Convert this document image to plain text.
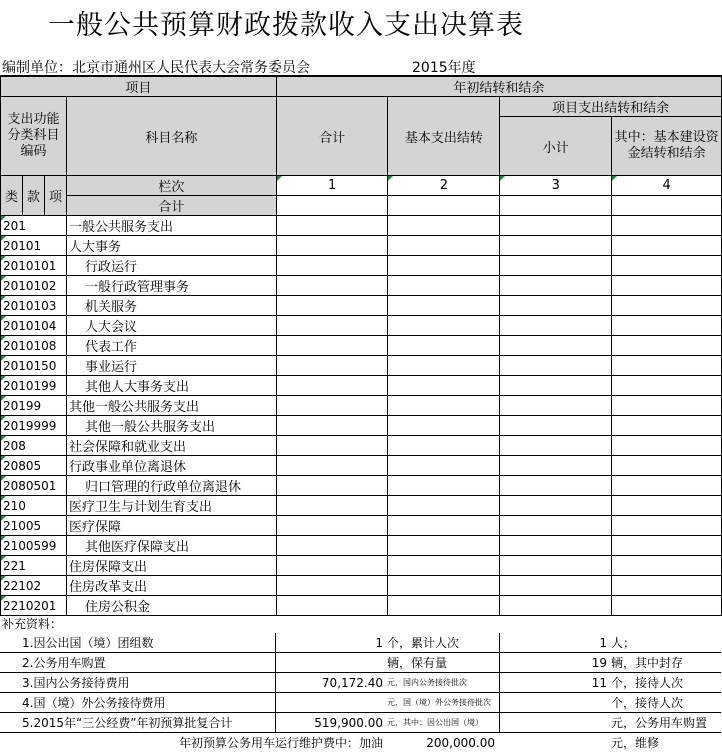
一般公共预算财政拨款收入支出决算表
编制单位：北京市通州区人民代表大会常务委员会	2015年度
项目				年初结转和结余			
支出功能分类科目编码			科目名称	合计	基本支出结转	项目支出结转和结余	
						小计	其中：基本建设资金结转和结余
类	款	项	栏次	1	2	3	4
			合计				
201			一般公共服务支出				
20101			人大事务				
2010101			行政运行				
2010102			一般行政管理事务				
2010103			机关服务				
2010104			人大会议				
2010108			代表工作				
2010150			事业运行				
2010199			其他人大事务支出				
20199			其他一般公共服务支出				
2019999			其他一般公共服务支出				
208			社会保障和就业支出				
20805			行政事业单位离退休				
2080501			归口管理的行政单位离退休				
210			医疗卫生与计划生育支出				
21005			医疗保障				
2100599			其他医疗保障支出				
221			住房保障支出				
22102			住房改革支出				
2210201			住房公积金				
补充资料：				
1.因公出国（境）团组数	1	个，累计人次	1	人；
2.公务用车购置		辆，保有量	19	辆，其中封存
3.国内公务接待费用	70,172.40	元，国内公务接待批次	11	个，接待人次
4.国（境）外公务接待费用		元，国（境）外公务接待批次		个，接待人次
5.2015年“三公经费”年初预算批复合计	519,900.00	元，其中：因公出国（境）		元，公务用车购置
年初预算公务用车运行维护费中：加油		200,000.00		元，维修
